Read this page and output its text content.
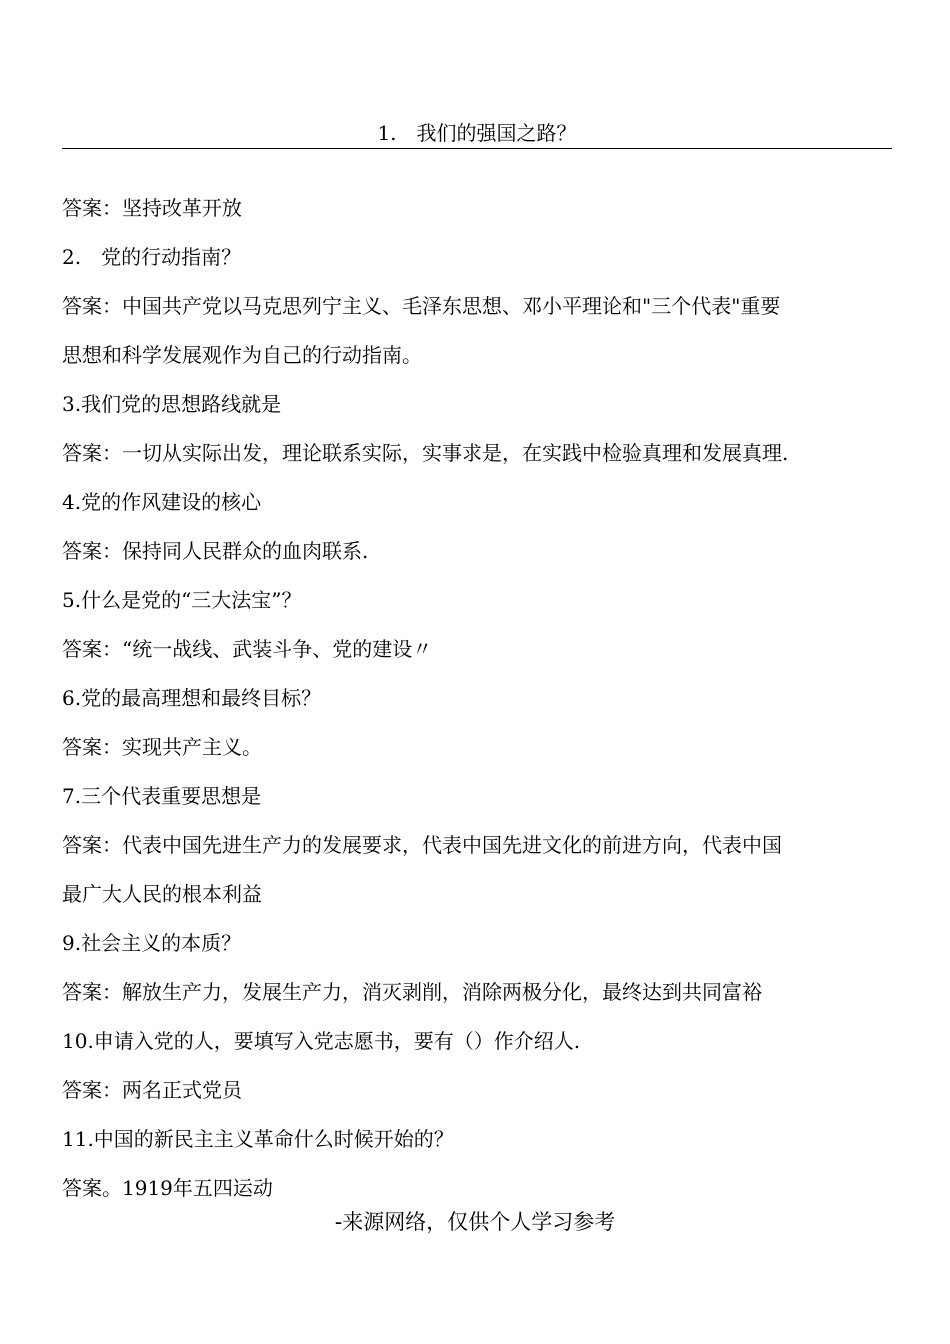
1.　我们的强国之路？
答案：坚持改革开放
2.　党的行动指南？
答案：中国共产党以马克思列宁主义、毛泽东思想、邓小平理论和"三个代表"重要
思想和科学发展观作为自己的行动指南。
3.我们党的思想路线就是
答案：一切从实际出发，理论联系实际，实事求是，在实践中检验真理和发展真理.
4.党的作风建设的核心
答案：保持同人民群众的血肉联系.
5.什么是党的“三大法宝”？
答案：“统一战线、武装斗争、党的建设〃
6.党的最高理想和最终目标？
答案：实现共产主义。
7.三个代表重要思想是
答案：代表中国先进生产力的发展要求，代表中国先进文化的前进方向，代表中国
最广大人民的根本利益
9.社会主义的本质？
答案：解放生产力，发展生产力，消灭剥削，消除两极分化，最终达到共同富裕
10.申请入党的人，要填写入党志愿书，要有（）作介绍人.
答案：两名正式党员
11.中国的新民主主义革命什么时候开始的？
答案。1919年五四运动
-来源网络，仅供个人学习参考
